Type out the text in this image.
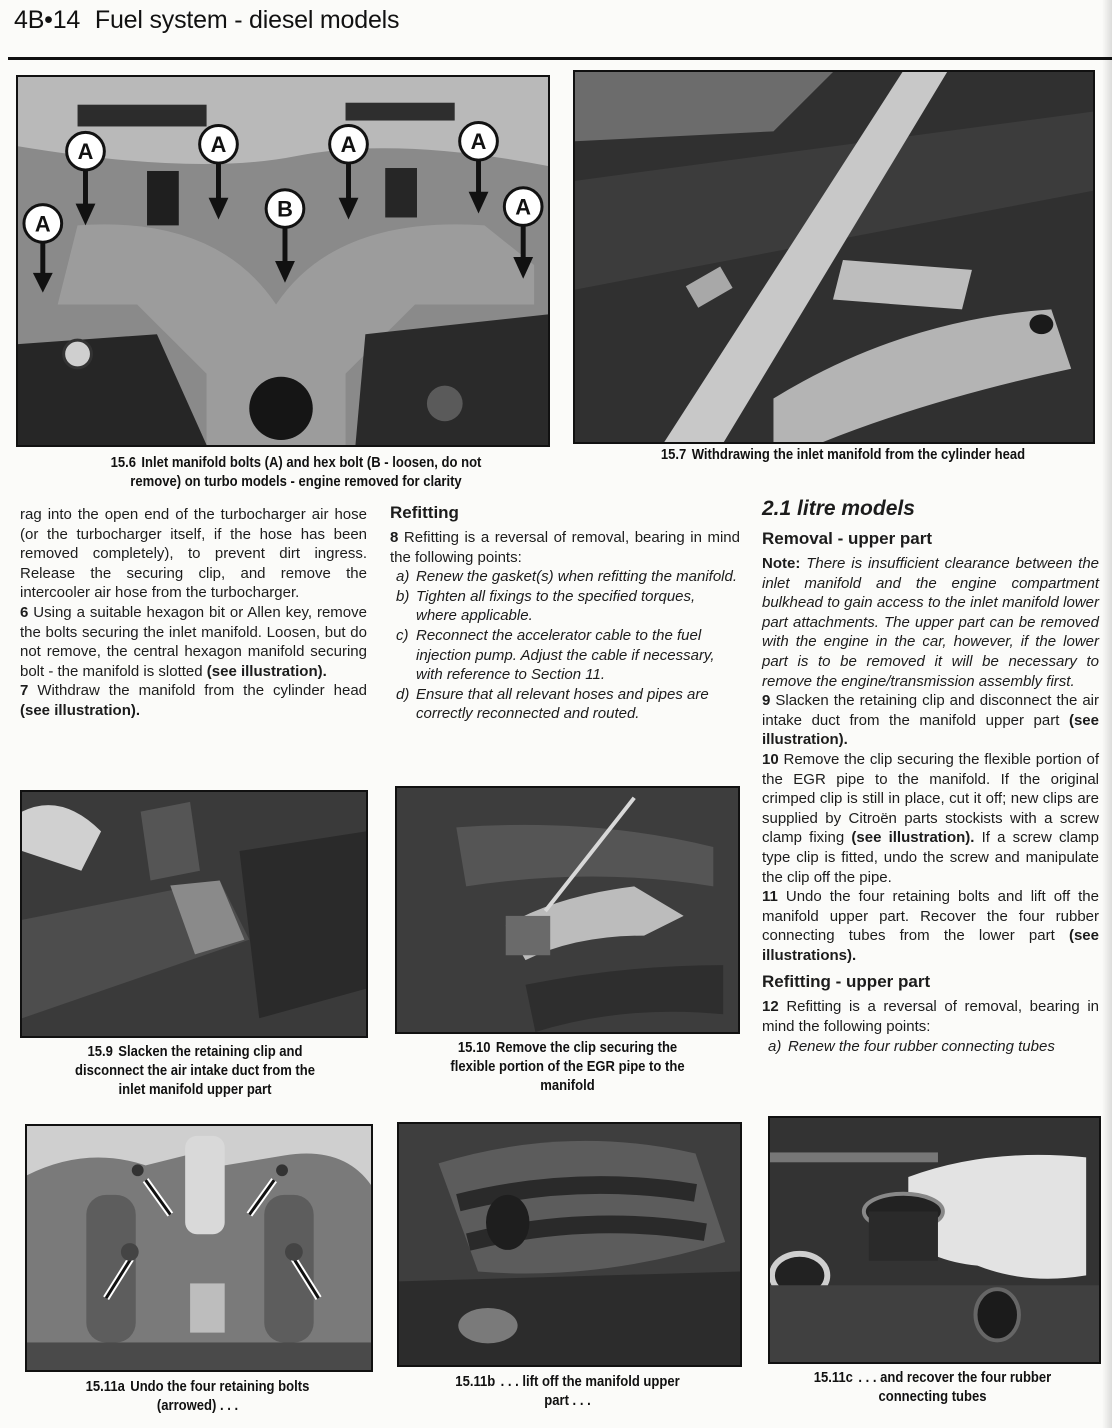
4B•14 Fuel system - diesel models
A
A	A
B
A	A
A
15.6 Inlet manifold bolts (A) and hex bolt (B - loosen, do not
remove) on turbo models - engine removed for clarity
15.7 Withdrawing the inlet manifold from the cylinder head

rag into the open end of the turbocharger air hose (or the turbocharger itself, if the hose has been removed completely), to prevent dirt ingress. Release the securing clip, and remove the intercooler air hose from the turbocharger.

6 Using a suitable hexagon bit or Allen key, remove the bolts securing the inlet manifold. Loosen, but do not remove, the central hexagon manifold securing bolt - the manifold is slotted (see illustration).

7 Withdraw the manifold from the cylinder head (see illustration).

Refitting

8 Refitting is a reversal of removal, bearing in mind the following points:

a) Renew the gasket(s) when refitting the manifold.
b) Tighten all fixings to the specified torques, where applicable.
c) Reconnect the accelerator cable to the fuel injection pump. Adjust the cable if necessary, with reference to Section 11.
d) Ensure that all relevant hoses and pipes are correctly reconnected and routed.
2.1 litre models
Removal - upper part

Note: There is insufficient clearance between the inlet manifold and the engine compartment bulkhead to gain access to the inlet manifold lower part attachments. The upper part can be removed with the engine in the car, however, if the lower part is to be removed it will be necessary to remove the engine/transmission assembly first.

9 Slacken the retaining clip and disconnect the air intake duct from the manifold upper part (see illustration).

10 Remove the clip securing the flexible portion of the EGR pipe to the manifold. If the original crimped clip is still in place, cut it off; new clips are supplied by Citroën parts stockists with a screw clamp fixing (see illustration). If a screw clamp type clip is fitted, undo the screw and manipulate the clip off the pipe.

11 Undo the four retaining bolts and lift off the manifold upper part. Recover the four rubber connecting tubes from the lower part (see illustrations).

Refitting - upper part

12 Refitting is a reversal of removal, bearing in mind the following points:

a) Renew the four rubber connecting tubes
15.9 Slacken the retaining clip and
disconnect the air intake duct from the
inlet manifold upper part
15.10 Remove the clip securing the
flexible portion of the EGR pipe to the
manifold
15.11a Undo the four retaining bolts
(arrowed) . . .
15.11b . . . lift off the manifold upper
part . . .
15.11c . . . and recover the four rubber
connecting tubes
